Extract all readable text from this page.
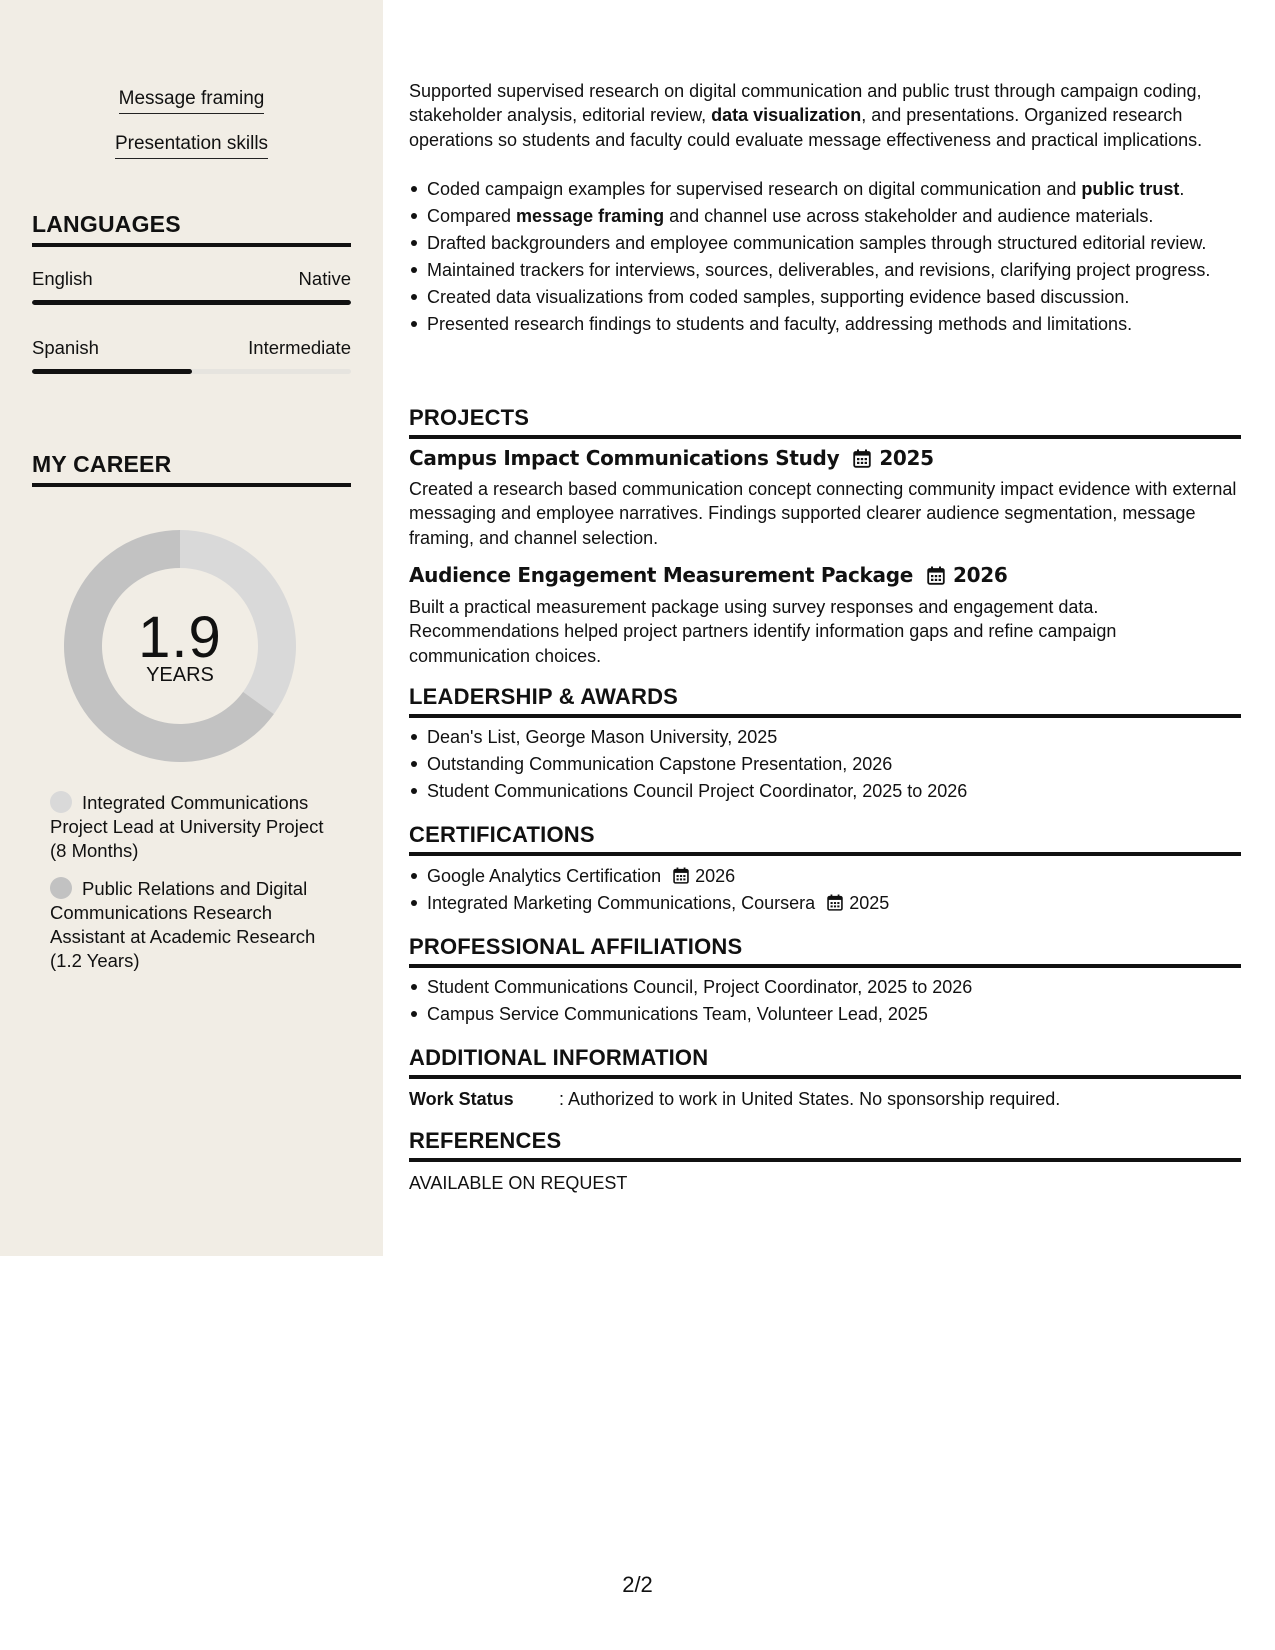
Message framing
Presentation skills
LANGUAGES
English	Native
Spanish	Intermediate
MY CAREER
1.9
YEARS
Integrated Communications Project Lead at University Project (8 Months)
Public Relations and Digital Communications Research Assistant at Academic Research (1.2 Years)
Supported supervised research on digital communication and public trust through campaign coding, stakeholder analysis, editorial review, data visualization, and presentations. Organized research operations so students and faculty could evaluate message effectiveness and practical implications.
Coded campaign examples for supervised research on digital communication and public trust.
Compared message framing and channel use across stakeholder and audience materials.
Drafted backgrounders and employee communication samples through structured editorial review.
Maintained trackers for interviews, sources, deliverables, and revisions, clarifying project progress.
Created data visualizations from coded samples, supporting evidence based discussion.
Presented research findings to students and faculty, addressing methods and limitations.
PROJECTS
Campus Impact Communications Study 2025
Created a research based communication concept connecting community impact evidence with external messaging and employee narratives. Findings supported clearer audience segmentation, message framing, and channel selection.
Audience Engagement Measurement Package 2026
Built a practical measurement package using survey responses and engagement data. Recommendations helped project partners identify information gaps and refine campaign communication choices.
LEADERSHIP & AWARDS
Dean's List, George Mason University, 2025
Outstanding Communication Capstone Presentation, 2026
Student Communications Council Project Coordinator, 2025 to 2026
CERTIFICATIONS
Google Analytics Certification 2026
Integrated Marketing Communications, Coursera 2025
PROFESSIONAL AFFILIATIONS
Student Communications Council, Project Coordinator, 2025 to 2026
Campus Service Communications Team, Volunteer Lead, 2025
ADDITIONAL INFORMATION
Work Status	: Authorized to work in United States. No sponsorship required.
REFERENCES
AVAILABLE ON REQUEST
2/2
